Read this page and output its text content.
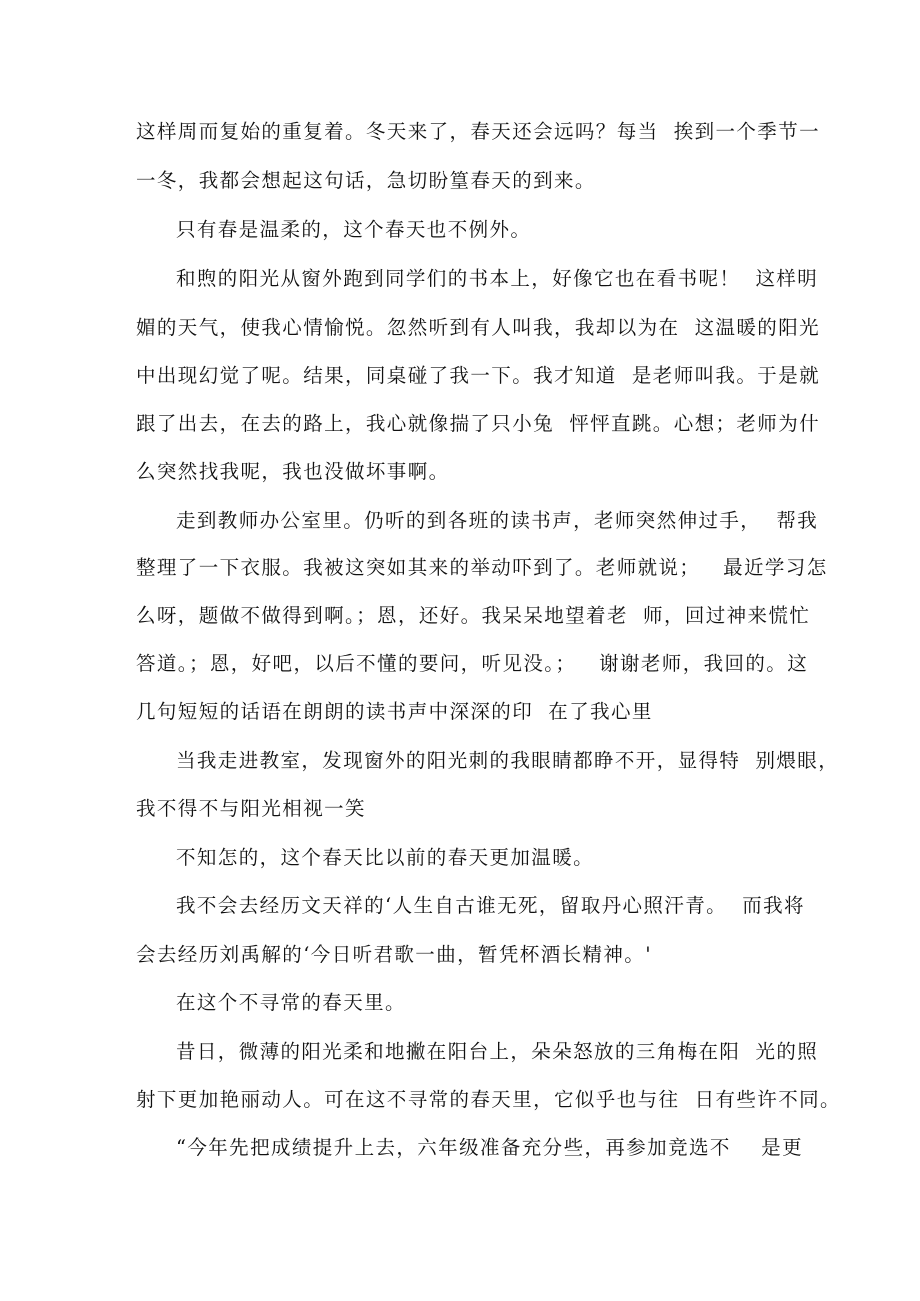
这样周而复始的重复着。冬天来了，春天还会远吗？每当  挨到一个季节一
一冬，我都会想起这句话，急切盼篁春天的到来。
只有春是温柔的，这个春天也不例外。
和煦的阳光从窗外跑到同学们的书本上，好像它也在看书呢！  这样明
媚的天气，使我心情愉悦。忽然听到有人叫我，我却以为在  这温暖的阳光
中出现幻觉了呢。结果，同桌碰了我一下。我才知道  是老师叫我。于是就
跟了出去，在去的路上，我心就像揣了只小兔  怦怦直跳。心想；老师为什
么突然找我呢，我也没做坏事啊。
走到教师办公室里。仍听的到各班的读书声，老师突然伸过手，  帮我
整理了一下衣服。我被这突如其来的举动吓到了。老师就说；   最近学习怎
么呀，题做不做得到啊。；恩，还好。我呆呆地望着老  师，回过神来慌忙
答道。；恩，好吧，以后不懂的要问，听见没。；   谢谢老师，我回的。这
几句短短的话语在朗朗的读书声中深深的印  在了我心里
当我走进教室，发现窗外的阳光刺的我眼睛都睁不开，显得特  别煨眼，
我不得不与阳光相视一笑
不知怎的，这个春天比以前的春天更加温暖。
我不会去经历文天祥的‘人生自古谁无死，留取丹心照汗青。  而我将
会去经历刘禹解的‘今日听君歌一曲，暂凭杯酒长精神。'
在这个不寻常的春天里。
昔日，微薄的阳光柔和地撇在阳台上，朵朵怒放的三角梅在阳  光的照
射下更加艳丽动人。可在这不寻常的春天里，它似乎也与往  日有些许不同。
“今年先把成绩提升上去，六年级准备充分些，再参加竞选不    是更
